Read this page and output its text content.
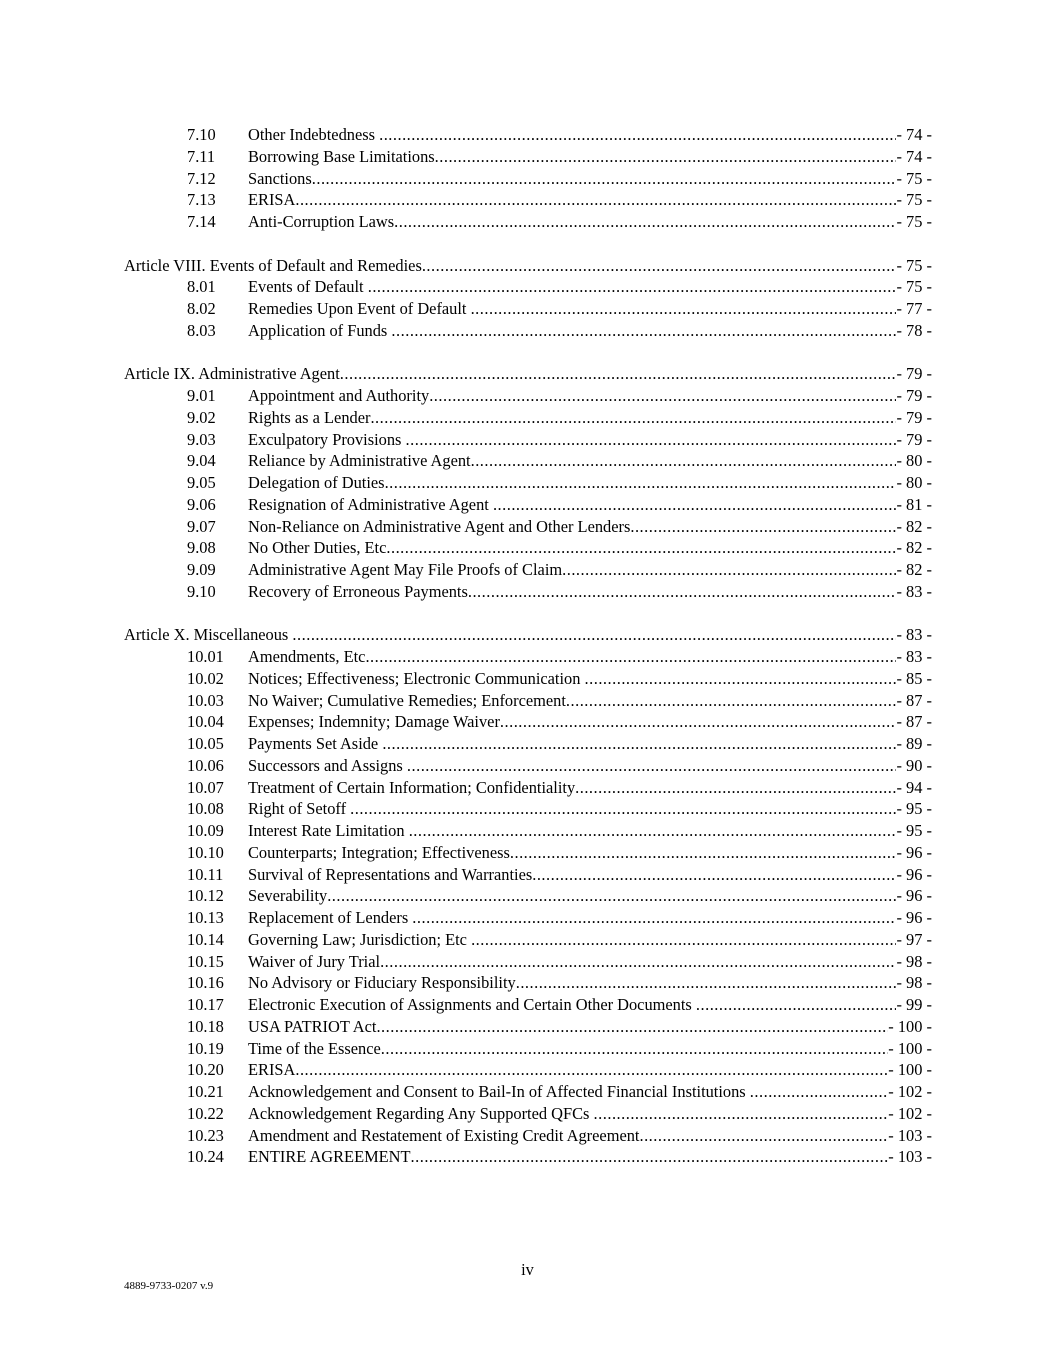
7.10 Other Indebtedness .....	- 74 -
7.11 Borrowing Base Limitations .....	- 74 -
7.12 Sanctions .....	- 75 -
7.13 ERISA .....	- 75 -
7.14 Anti-Corruption Laws .....	- 75 -
Article VIII. Events of Default and Remedies .....	- 75 -
8.01 Events of Default .....	- 75 -
8.02 Remedies Upon Event of Default .....	- 77 -
8.03 Application of Funds .....	- 78 -
Article IX. Administrative Agent .....	- 79 -
9.01 Appointment and Authority .....	- 79 -
9.02 Rights as a Lender .....	- 79 -
9.03 Exculpatory Provisions .....	- 79 -
9.04 Reliance by Administrative Agent .....	- 80 -
9.05 Delegation of Duties .....	- 80 -
9.06 Resignation of Administrative Agent .....	- 81 -
9.07 Non-Reliance on Administrative Agent and Other Lenders .....	- 82 -
9.08 No Other Duties, Etc .....	- 82 -
9.09 Administrative Agent May File Proofs of Claim .....	- 82 -
9.10 Recovery of Erroneous Payments .....	- 83 -
Article X. Miscellaneous .....	- 83 -
10.01 Amendments, Etc .....	- 83 -
10.02 Notices; Effectiveness; Electronic Communication .....	- 85 -
10.03 No Waiver; Cumulative Remedies; Enforcement .....	- 87 -
10.04 Expenses; Indemnity; Damage Waiver .....	- 87 -
10.05 Payments Set Aside .....	- 89 -
10.06 Successors and Assigns .....	- 90 -
10.07 Treatment of Certain Information; Confidentiality .....	- 94 -
10.08 Right of Setoff .....	- 95 -
10.09 Interest Rate Limitation .....	- 95 -
10.10 Counterparts; Integration; Effectiveness .....	- 96 -
10.11 Survival of Representations and Warranties .....	- 96 -
10.12 Severability .....	- 96 -
10.13 Replacement of Lenders .....	- 96 -
10.14 Governing Law; Jurisdiction; Etc .....	- 97 -
10.15 Waiver of Jury Trial .....	- 98 -
10.16 No Advisory or Fiduciary Responsibility .....	- 98 -
10.17 Electronic Execution of Assignments and Certain Other Documents .....	- 99 -
10.18 USA PATRIOT Act .....	- 100 -
10.19 Time of the Essence .....	- 100 -
10.20 ERISA .....	- 100 -
10.21 Acknowledgement and Consent to Bail-In of Affected Financial Institutions .....	- 102 -
10.22 Acknowledgement Regarding Any Supported QFCs .....	- 102 -
10.23 Amendment and Restatement of Existing Credit Agreement .....	- 103 -
10.24 ENTIRE AGREEMENT .....	- 103 -
iv
4889-9733-0207 v.9
